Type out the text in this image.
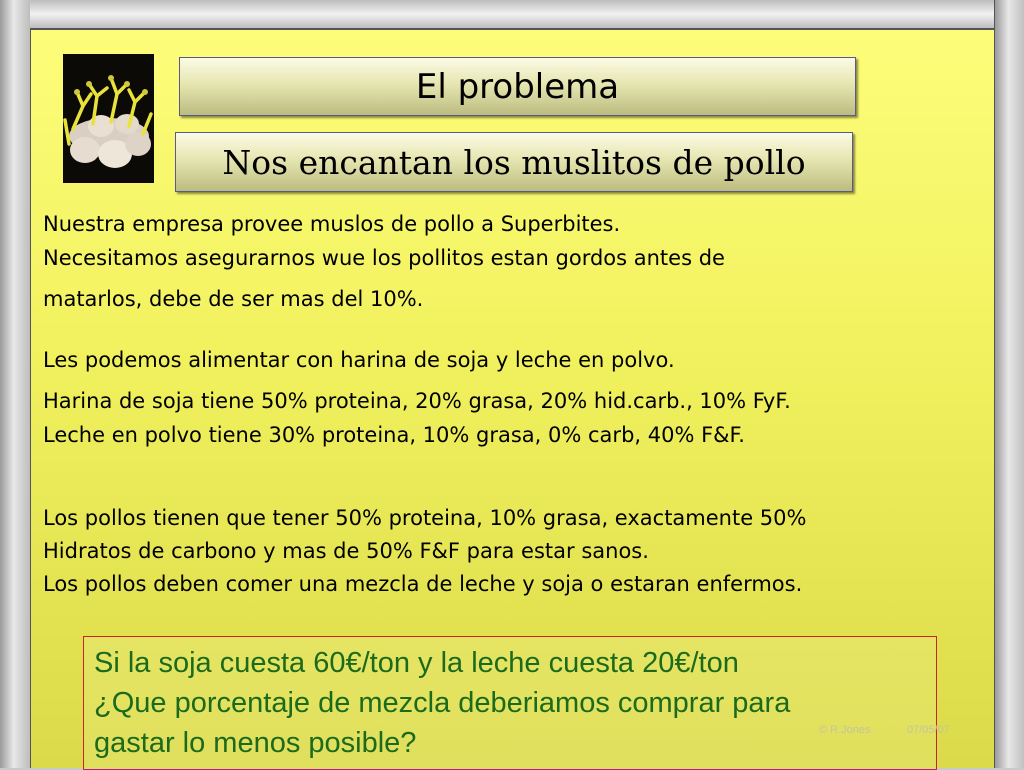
El problema
Nos encantan los muslitos de pollo
Nuestra empresa provee muslos de pollo a Superbites.
Necesitamos asegurarnos wue los pollitos estan gordos antes de
matarlos, debe de ser mas del 10%.
Les podemos alimentar con harina de soja y leche en polvo.
Harina de soja tiene 50% proteina, 20% grasa, 20% hid.carb., 10% FyF.
Leche en polvo tiene 30% proteina, 10% grasa, 0% carb, 40% F&F.
Los pollos tienen que tener 50% proteina, 10% grasa, exactamente 50%
Hidratos de carbono y mas de 50% F&F para estar sanos.
Los pollos deben comer una mezcla de leche y soja o estaran enfermos.
Si la soja cuesta 60€/ton y la leche cuesta 20€/ton
¿Que porcentaje de mezcla deberiamos comprar para
gastar lo menos posible?	© R.Jones	07/05/07
